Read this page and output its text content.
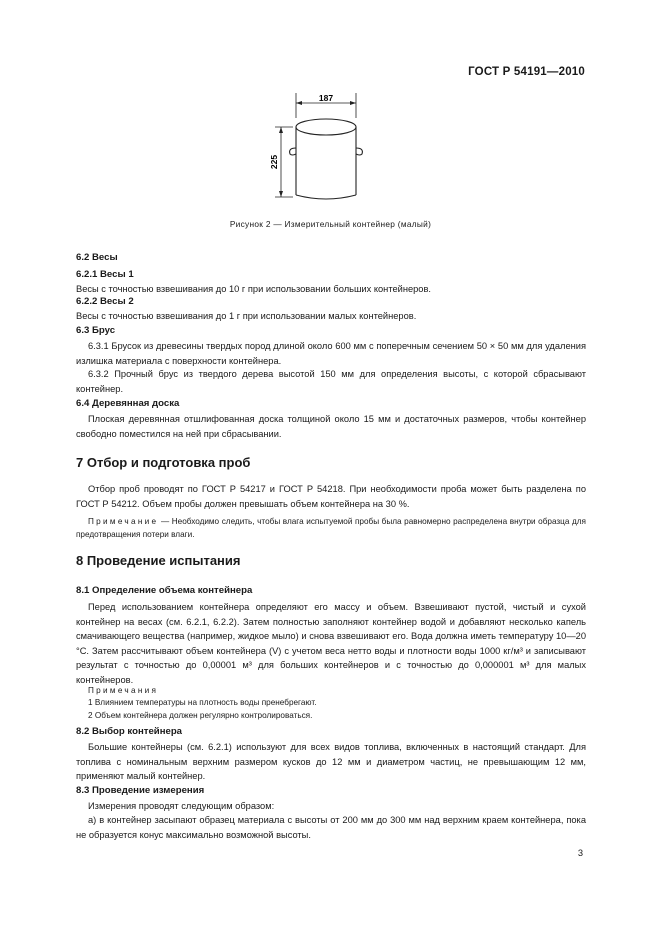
ГОСТ Р 54191—2010
187
225
Рисунок 2 — Измерительный контейнер (малый)
6.2 Весы
6.2.1 Весы 1
Весы с точностью взвешивания до 10 г при использовании больших контейнеров.
6.2.2 Весы 2
Весы с точностью взвешивания до 1 г при использовании малых контейнеров.
6.3 Брус
6.3.1 Брусок из древесины твердых пород длиной около 600 мм с поперечным сечением 50 × 50 мм для удаления излишка материала с поверхности контейнера.
6.3.2 Прочный брус из твердого дерева высотой 150 мм для определения высоты, с которой сбрасывают контейнер.
6.4 Деревянная доска
Плоская деревянная отшлифованная доска толщиной около 15 мм и достаточных размеров, чтобы контейнер свободно поместился на ней при сбрасывании.
7 Отбор и подготовка проб
Отбор проб проводят по ГОСТ Р 54217 и ГОСТ Р 54218. При необходимости проба может быть разделена по ГОСТ Р 54212. Объем пробы должен превышать объем контейнера на 30 %.
Примечание — Необходимо следить, чтобы влага испытуемой пробы была равномерно распределена внутри образца для предотвращения потери влаги.
8 Проведение испытания
8.1 Определение объема контейнера
Перед использованием контейнера определяют его массу и объем. Взвешивают пустой, чистый и сухой контейнер на весах (см. 6.2.1, 6.2.2). Затем полностью заполняют контейнер водой и добавляют несколько капель смачивающего вещества (например, жидкое мыло) и снова взвешивают его. Вода должна иметь температуру 10—20 °С. Затем рассчитывают объем контейнера (V) с учетом веса нетто воды и плотности воды 1000 кг/м³ и записывают результат с точностью до 0,00001 м³ для больших контейнеров и с точностью до 0,000001 м³ для малых контейнеров.
Примечания
1 Влиянием температуры на плотность воды пренебрегают.
2 Объем контейнера должен регулярно контролироваться.
8.2 Выбор контейнера
Большие контейнеры (см. 6.2.1) используют для всех видов топлива, включенных в настоящий стандарт. Для топлива с номинальным верхним размером кусков до 12 мм и диаметром частиц, не превышающим 12 мм, применяют малый контейнер.
8.3 Проведение измерения
Измерения проводят следующим образом:
а) в контейнер засыпают образец материала с высоты от 200 мм до 300 мм над верхним краем контейнера, пока не образуется конус максимально возможной высоты.
3
